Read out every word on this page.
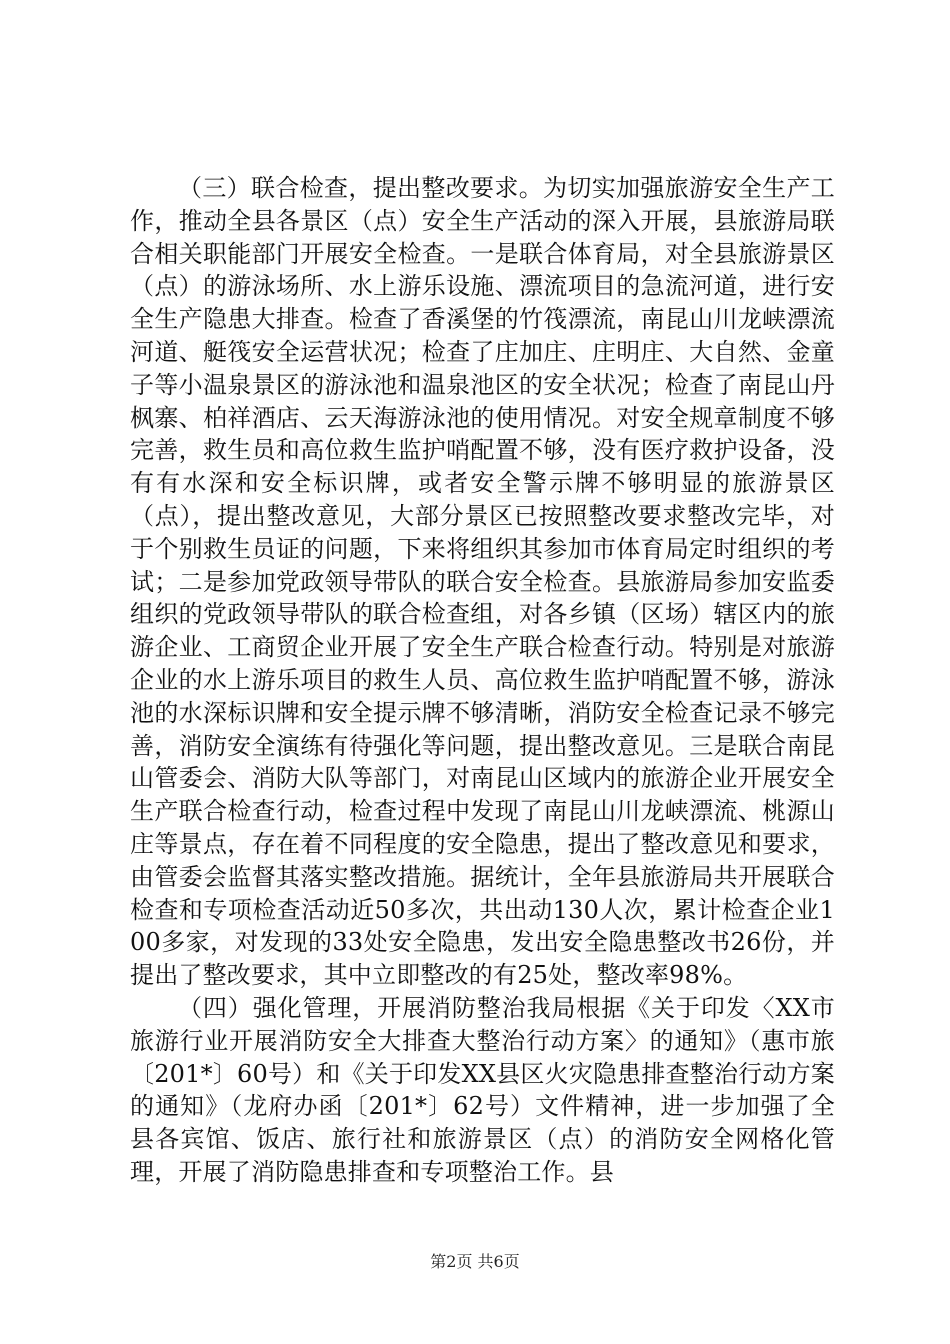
（三）联合检查，提出整改要求。为切实加强旅游安全生产工作，推动全县各景区（点）安全生产活动的深入开展，县旅游局联合相关职能部门开展安全检查。一是联合体育局，对全县旅游景区（点）的游泳场所、水上游乐设施、漂流项目的急流河道，进行安全生产隐患大排查。检查了香溪堡的竹筏漂流，南昆山川龙峡漂流河道、艇筏安全运营状况；检查了庄加庄、庄明庄、大自然、金童子等小温泉景区的游泳池和温泉池区的安全状况；检查了南昆山丹枫寨、柏祥酒店、云天海游泳池的使用情况。对安全规章制度不够完善，救生员和高位救生监护哨配置不够，没有医疗救护设备，没有有水深和安全标识牌，或者安全警示牌不够明显的旅游景区（点），提出整改意见，大部分景区已按照整改要求整改完毕，对于个别救生员证的问题，下来将组织其参加市体育局定时组织的考试；二是参加党政领导带队的联合安全检查。县旅游局参加安监委组织的党政领导带队的联合检查组，对各乡镇（区场）辖区内的旅游企业、工商贸企业开展了安全生产联合检查行动。特别是对旅游企业的水上游乐项目的救生人员、高位救生监护哨配置不够，游泳池的水深标识牌和安全提示牌不够清晰，消防安全检查记录不够完善，消防安全演练有待强化等问题，提出整改意见。三是联合南昆山管委会、消防大队等部门，对南昆山区域内的旅游企业开展安全生产联合检查行动，检查过程中发现了南昆山川龙峡漂流、桃源山庄等景点，存在着不同程度的安全隐患，提出了整改意见和要求，由管委会监督其落实整改措施。据统计，全年县旅游局共开展联合检查和专项检查活动近50多次，共出动130人次，累计检查企业100多家，对发现的33处安全隐患，发出安全隐患整改书26份，并提出了整改要求，其中立即整改的有25处，整改率98%。

（四）强化管理，开展消防整治我局根据《关于印发〈XX市旅游行业开展消防安全大排查大整治行动方案〉的通知》（惠市旅〔201*〕60号）和《关于印发XX县区火灾隐患排查整治行动方案的通知》（龙府办函〔201*〕62号）文件精神，进一步加强了全县各宾馆、饭店、旅行社和旅游景区（点）的消防安全网格化管理，开展了消防隐患排查和专项整治工作。县

第2页 共6页
